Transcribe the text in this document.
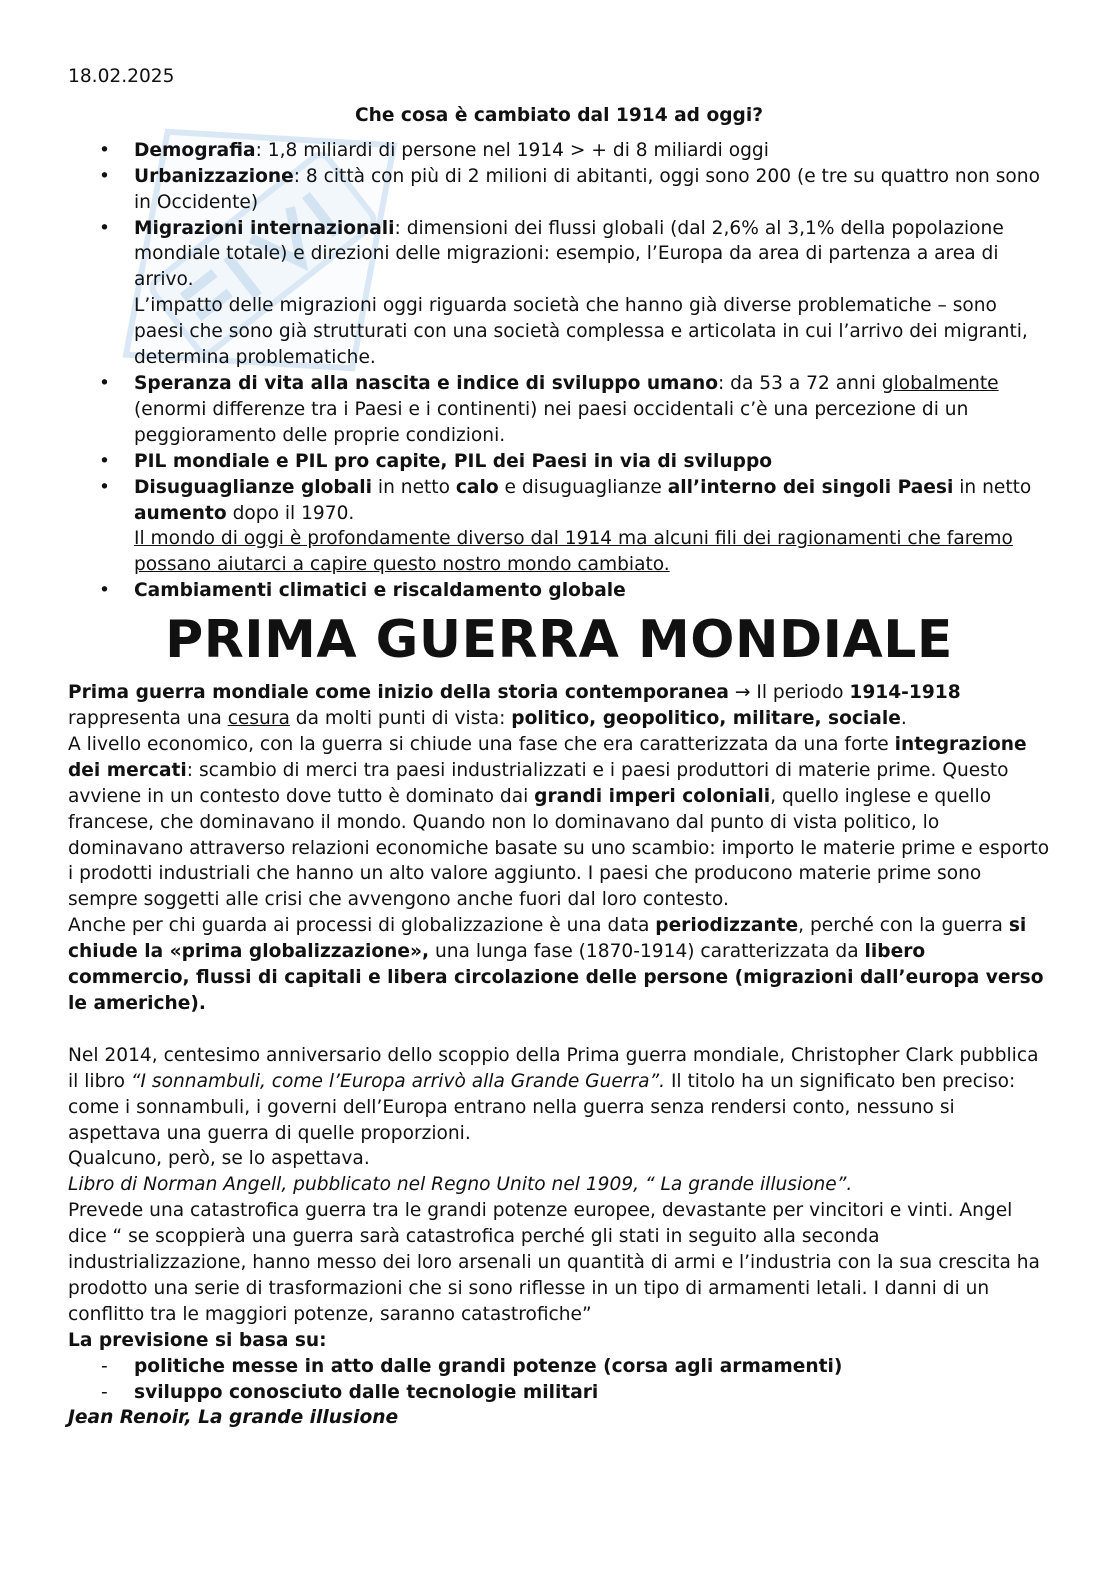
18.02.2025

Che cosa è cambiato dal 1914 ad oggi?

• Demografia: 1,8 miliardi di persone nel 1914 > + di 8 miliardi oggi
• Urbanizzazione: 8 città con più di 2 milioni di abitanti, oggi sono 200 (e tre su quattro non sono in Occidente)
• Migrazioni internazionali: dimensioni dei flussi globali (dal 2,6% al 3,1% della popolazione mondiale totale) e direzioni delle migrazioni: esempio, l’Europa da area di partenza a area di arrivo.
L’impatto delle migrazioni oggi riguarda società che hanno già diverse problematiche – sono paesi che sono già strutturati con una società complessa e articolata in cui l’arrivo dei migranti, determina problematiche.
• Speranza di vita alla nascita e indice di sviluppo umano: da 53 a 72 anni globalmente (enormi differenze tra i Paesi e i continenti) nei paesi occidentali c’è una percezione di un peggioramento delle proprie condizioni.
• PIL mondiale e PIL pro capite, PIL dei Paesi in via di sviluppo
• Disuguaglianze globali in netto calo e disuguaglianze all’interno dei singoli Paesi in netto aumento dopo il 1970.
Il mondo di oggi è profondamente diverso dal 1914 ma alcuni fili dei ragionamenti che faremo possano aiutarci a capire questo nostro mondo cambiato.
• Cambiamenti climatici e riscaldamento globale
PRIMA GUERRA MONDIALE

Prima guerra mondiale come inizio della storia contemporanea → Il periodo 1914-1918 rappresenta una cesura da molti punti di vista: politico, geopolitico, militare, sociale.

A livello economico, con la guerra si chiude una fase che era caratterizzata da una forte integrazione dei mercati: scambio di merci tra paesi industrializzati e i paesi produttori di materie prime. Questo avviene in un contesto dove tutto è dominato dai grandi imperi coloniali, quello inglese e quello francese, che dominavano il mondo. Quando non lo dominavano dal punto di vista politico, lo dominavano attraverso relazioni economiche basate su uno scambio: importo le materie prime e esporto i prodotti industriali che hanno un alto valore aggiunto. I paesi che producono materie prime sono sempre soggetti alle crisi che avvengono anche fuori dal loro contesto.

Anche per chi guarda ai processi di globalizzazione è una data periodizzante, perché con la guerra si chiude la «prima globalizzazione», una lunga fase (1870-1914) caratterizzata da libero commercio, flussi di capitali e libera circolazione delle persone (migrazioni dall’europa verso le americhe).

Nel 2014, centesimo anniversario dello scoppio della Prima guerra mondiale, Christopher Clark pubblica il libro “I sonnambuli, come l’Europa arrivò alla Grande Guerra”. Il titolo ha un significato ben preciso: come i sonnambuli, i governi dell’Europa entrano nella guerra senza rendersi conto, nessuno si aspettava una guerra di quelle proporzioni.

Qualcuno, però, se lo aspettava.

Libro di Norman Angell, pubblicato nel Regno Unito nel 1909, “ La grande illusione”.

Prevede una catastrofica guerra tra le grandi potenze europee, devastante per vincitori e vinti. Angel dice “ se scoppierà una guerra sarà catastrofica perché gli stati in seguito alla seconda industrializzazione, hanno messo dei loro arsenali un quantità di armi e l’industria con la sua crescita ha prodotto una serie di trasformazioni che si sono riflesse in un tipo di armamenti letali. I danni di un conflitto tra le maggiori potenze, saranno catastrofiche”

La previsione si basa su:

- politiche messe in atto dalle grandi potenze (corsa agli armamenti)
- sviluppo conosciuto dalle tecnologie militari

Jean Renoir, La grande illusione
